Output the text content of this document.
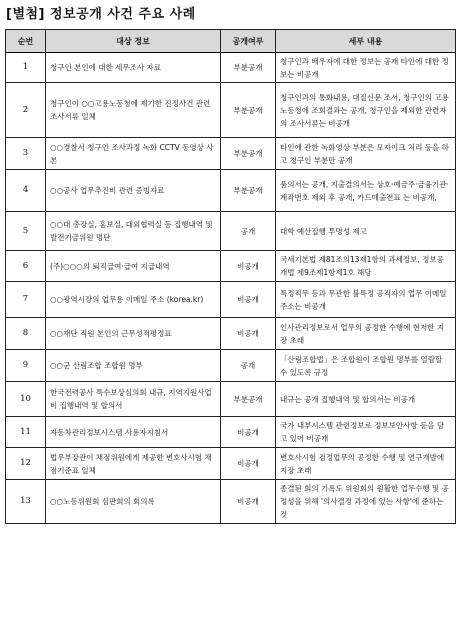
[별첨] 정보공개 사건 주요 사례
순번	대상 정보	공개여부	세부 내용
1	청구인 본인에 대한 세무조사 자료	부분공개	청구인과 배우자에 대한 정보는 공개 타인에 대한 정보는 비공개
2	청구인이 ○○고용노동청에 제기한 진정사건 관련 조사서류 일체	부분공개	청구인과의 통화내용, 대질신문 조서, 청구인의 고용노동청에 조회결과는 공개, 청구인을 제외한 관련자의 조사서류는 비공개
3	○○경찰서 청구인 조사과정 녹화 CCTV 동영상 사본	부분공개	타인에 관한 녹화영상 부분은 모자이크 처리 등을 하고 청구인 부분만 공개
4	○○공사 업무추진비 관련 증빙자료	부분공개	품의서는 공개, 지출결의서는 상호·예금주·금융기관·계좌번호 제외 후 공개, 카드매출전표 는 비공개,
5	○○대 총장실, 홍보실, 대외협력실 등 집행내역 및 발전기금위원 명단	공개	대학 예산집행 투명성 제고
6	(주)○○○의 퇴직급여·급여 지급내역	비공개	국세기본법 제81조의13제1항의 과세정보, 정보공개법 제9조제1항제1호 해당
7	○○광역시장의 업무용 이메일 주소 (korea.kr)	비공개	특정직무 등과 무관한 불특정 공직자의 업무 이메일주소는 비공개
8	○○재단 직원 본인의 근무성적평정표	비공개	인사관리정보로서 업무의 공정한 수행에 현저한 지장 초래
9	○○군 산림조합 조합원 명부	공개	「산림조합법」은 조합원이 조합원 명부를 열람할 수 있도록 규정
10	한국전력공사 특수보상심의회 내규, 지역지원사업비 집행내역 및 합의서	부분공개	내규는 공개 집행내역 및 합의서는 비공개
11	자동차관리정보시스템 사용자지침서	비공개	국가 내부시스템 관련정보로 정보보안사항 등을 담고 있어 비공개
12	법무부장관이 채점위원에게 제공한 변호사시험 채점기준표 일체	비공개	변호사시험 검정업무의 공정한 수행 및 연구개발에 지장 초래
13	○○노동위원회 심판회의 회의록	비공개	종결된 회의 기록도 위원회의 원활한 업무수행 및 공정성을 위해 '의사결정 과정에 있는 사항'에 준하는 것
